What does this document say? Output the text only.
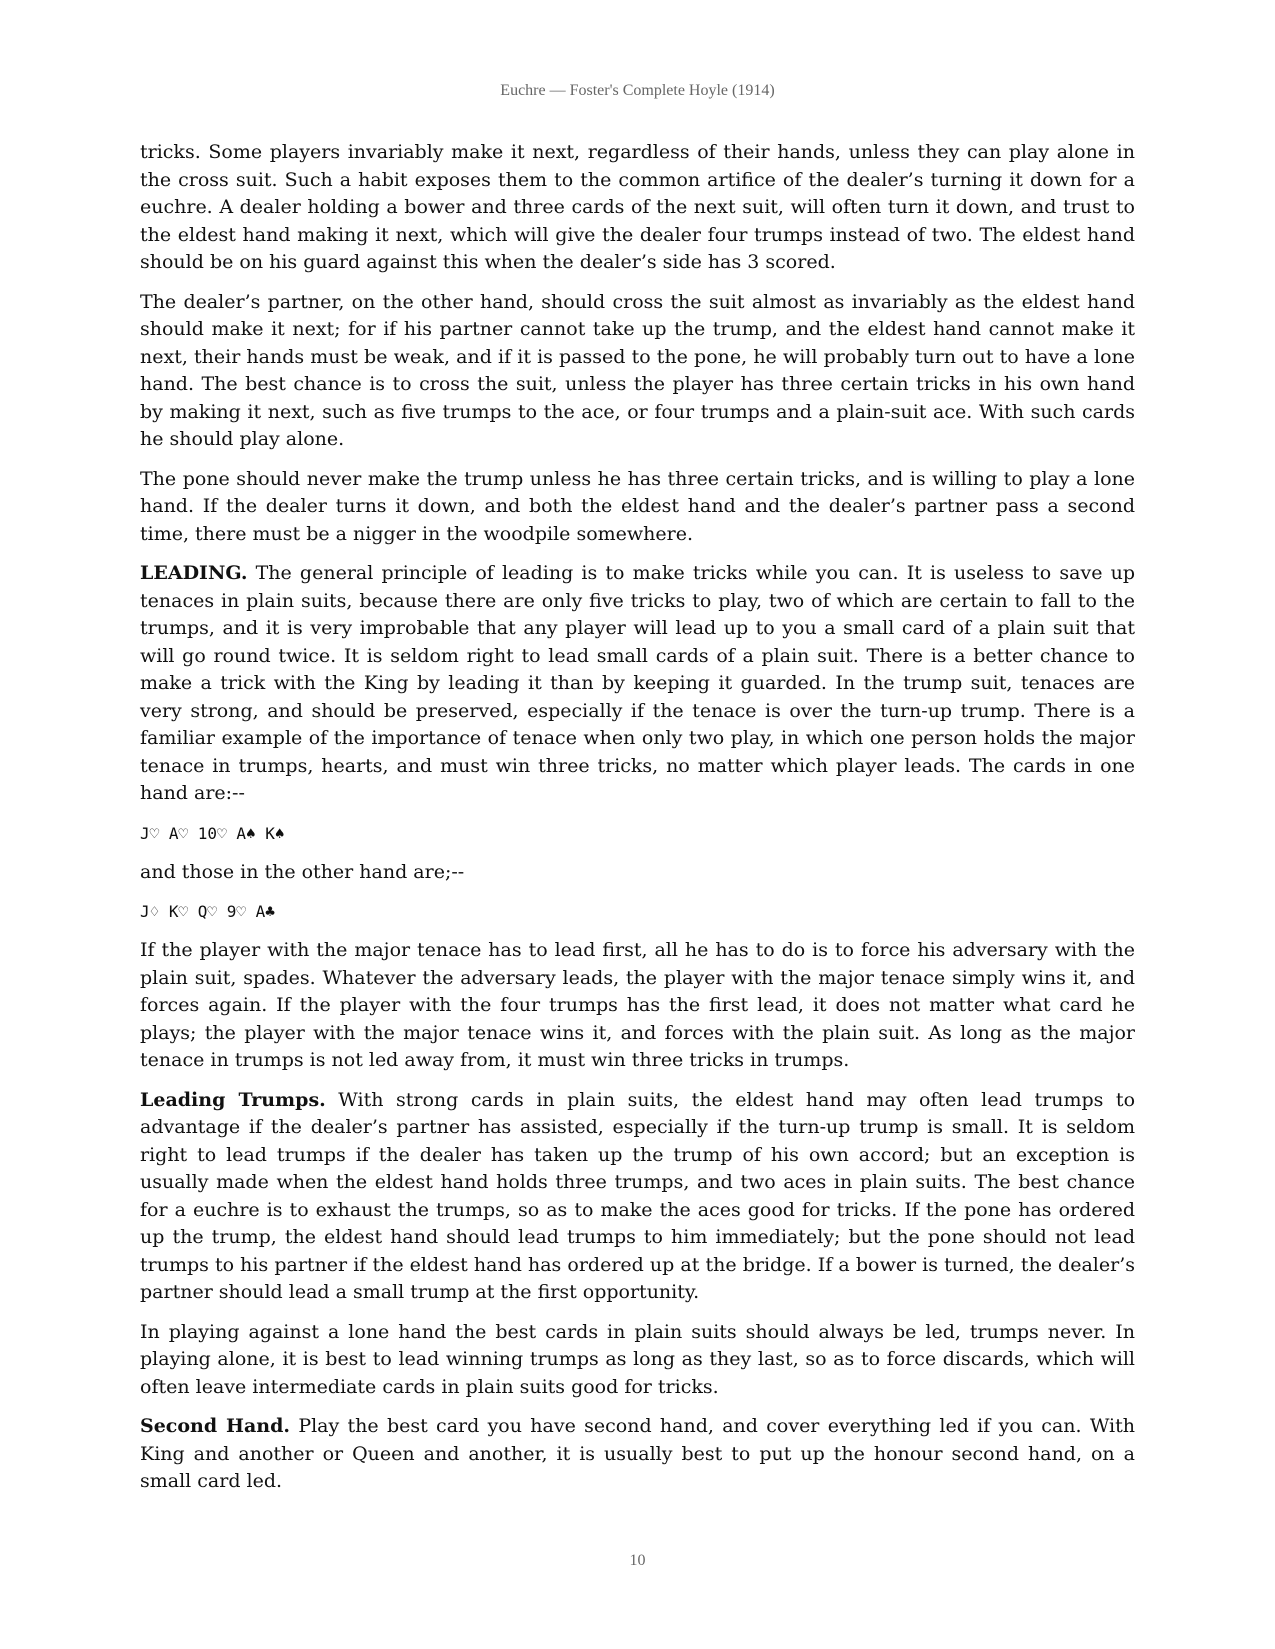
Euchre — Foster's Complete Hoyle (1914)

tricks. Some players invariably make it next, regardless of their hands, unless they can play alone in the cross suit. Such a habit exposes them to the common artifice of the dealer’s turning it down for a euchre. A dealer holding a bower and three cards of the next suit, will often turn it down, and trust to the eldest hand making it next, which will give the dealer four trumps instead of two. The eldest hand should be on his guard against this when the dealer’s side has 3 scored.

The dealer’s partner, on the other hand, should cross the suit almost as invariably as the eldest hand should make it next; for if his partner cannot take up the trump, and the eldest hand cannot make it next, their hands must be weak, and if it is passed to the pone, he will probably turn out to have a lone hand. The best chance is to cross the suit, unless the player has three certain tricks in his own hand by making it next, such as five trumps to the ace, or four trumps and a plain-suit ace. With such cards he should play alone.

The pone should never make the trump unless he has three certain tricks, and is willing to play a lone hand. If the dealer turns it down, and both the eldest hand and the dealer’s partner pass a second time, there must be a nigger in the woodpile somewhere.

LEADING. The general principle of leading is to make tricks while you can. It is useless to save up tenaces in plain suits, because there are only five tricks to play, two of which are certain to fall to the trumps, and it is very improbable that any player will lead up to you a small card of a plain suit that will go round twice. It is seldom right to lead small cards of a plain suit. There is a better chance to make a trick with the King by leading it than by keeping it guarded. In the trump suit, tenaces are very strong, and should be preserved, especially if the tenace is over the turn-up trump. There is a familiar example of the importance of tenace when only two play, in which one person holds the major tenace in trumps, hearts, and must win three tricks, no matter which player leads. The cards in one hand are:--

J♡ A♡ 10♡ A♠ K♠

and those in the other hand are;--

J♢ K♡ Q♡ 9♡ A♣

If the player with the major tenace has to lead first, all he has to do is to force his adversary with the plain suit, spades. Whatever the adversary leads, the player with the major tenace simply wins it, and forces again. If the player with the four trumps has the first lead, it does not matter what card he plays; the player with the major tenace wins it, and forces with the plain suit. As long as the major tenace in trumps is not led away from, it must win three tricks in trumps.

Leading Trumps. With strong cards in plain suits, the eldest hand may often lead trumps to advantage if the dealer’s partner has assisted, especially if the turn-up trump is small. It is seldom right to lead trumps if the dealer has taken up the trump of his own accord; but an exception is usually made when the eldest hand holds three trumps, and two aces in plain suits. The best chance for a euchre is to exhaust the trumps, so as to make the aces good for tricks. If the pone has ordered up the trump, the eldest hand should lead trumps to him immediately; but the pone should not lead trumps to his partner if the eldest hand has ordered up at the bridge. If a bower is turned, the dealer’s partner should lead a small trump at the first opportunity.

In playing against a lone hand the best cards in plain suits should always be led, trumps never. In playing alone, it is best to lead winning trumps as long as they last, so as to force discards, which will often leave intermediate cards in plain suits good for tricks.

Second Hand. Play the best card you have second hand, and cover everything led if you can. With King and another or Queen and another, it is usually best to put up the honour second hand, on a small card led.

10
